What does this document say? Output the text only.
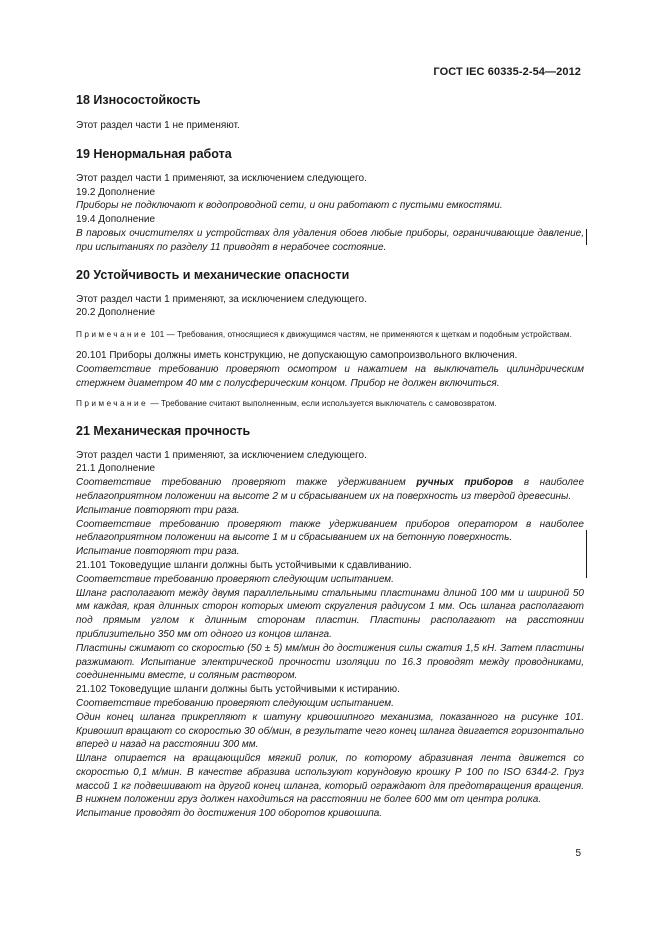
ГОСТ IEC 60335-2-54—2012
18 Износостойкость

Этот раздел части 1 не применяют.

19 Ненормальная работа

Этот раздел части 1 применяют, за исключением следующего.

19.2 Дополнение

Приборы не подключают к водопроводной сети, и они работают с пустыми емкостями.

19.4 Дополнение

В паровых очистителях и устройствах для удаления обоев любые приборы, ограничивающие давление, при испытаниях по разделу 11 приводят в нерабочее состояние.

20 Устойчивость и механические опасности

Этот раздел части 1 применяют, за исключением следующего.

20.2 Дополнение

Примечание 101 — Требования, относящиеся к движущимся частям, не применяются к щеткам и подобным устройствам.

20.101 Приборы должны иметь конструкцию, не допускающую самопроизвольного включения.

Соответствие требованию проверяют осмотром и нажатием на выключатель цилиндрическим стержнем диаметром 40 мм с полусферическим концом. Прибор не должен включиться.

Примечание — Требование считают выполненным, если используется выключатель с самовозвратом.

21 Механическая прочность

Этот раздел части 1 применяют, за исключением следующего.

21.1 Дополнение

Соответствие требованию проверяют также удерживанием ручных приборов в наиболее неблагоприятном положении на высоте 2 м и сбрасыванием их на поверхность из твердой древесины.

Испытание повторяют три раза.

Соответствие требованию проверяют также удерживанием приборов оператором в наиболее неблагоприятном положении на высоте 1 м и сбрасыванием их на бетонную поверхность.

Испытание повторяют три раза.

21.101 Токоведущие шланги должны быть устойчивыми к сдавливанию.

Соответствие требованию проверяют следующим испытанием.

Шланг располагают между двумя параллельными стальными пластинами длиной 100 мм и шириной 50 мм каждая, края длинных сторон которых имеют скругления радиусом 1 мм. Ось шланга располагают под прямым углом к длинным сторонам пластин. Пластины располагают на расстоянии приблизительно 350 мм от одного из концов шланга.

Пластины сжимают со скоростью (50 ± 5) мм/мин до достижения силы сжатия 1,5 кН. Затем пластины разжимают. Испытание электрической прочности изоляции по 16.3 проводят между проводниками, соединенными вместе, и соляным раствором.

21.102 Токоведущие шланги должны быть устойчивыми к истиранию.

Соответствие требованию проверяют следующим испытанием.

Один конец шланга прикрепляют к шатуну кривошипного механизма, показанного на рисунке 101. Кривошип вращают со скоростью 30 об/мин, в результате чего конец шланга двигается горизонтально вперед и назад на расстоянии 300 мм.

Шланг опирается на вращающийся мягкий ролик, по которому абразивная лента движется со скоростью 0,1 м/мин. В качестве абразива используют корундовую крошку Р 100 по ISO 6344-2. Груз массой 1 кг подвешивают на другой конец шланга, который ограждают для предотвращения вращения. В нижнем положении груз должен находиться на расстоянии не более 600 мм от центра ролика.

Испытание проводят до достижения 100 оборотов кривошипа.

5
